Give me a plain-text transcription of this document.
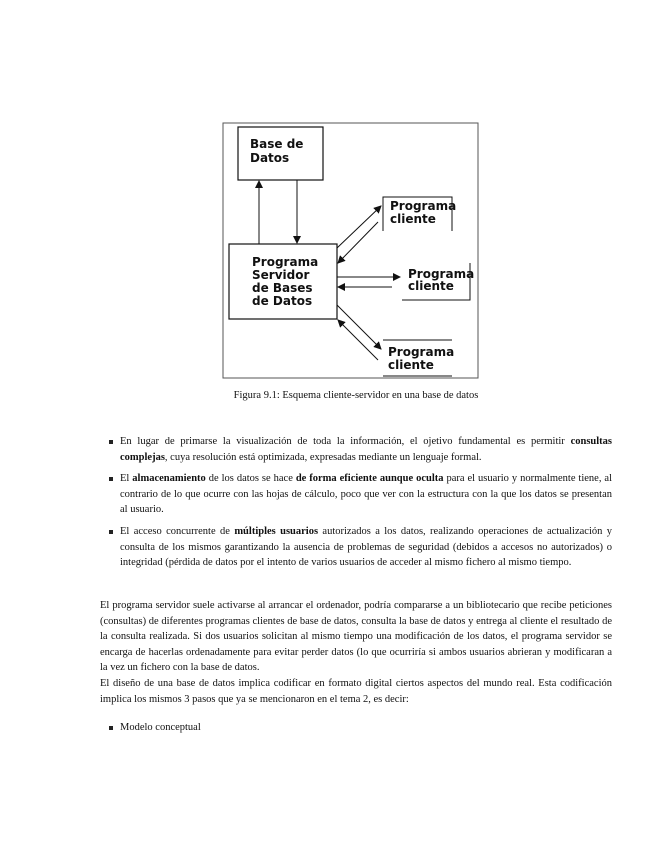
Base de
Datos
Programa
Servidor
de Bases
de Datos
Programa
cliente
Programa
cliente
Programa
cliente
Figura 9.1: Esquema cliente-servidor en una base de datos
En lugar de primarse la visualización de toda la información, el ojetivo fundamental es permitir consultas complejas, cuya resolución está optimizada, expresadas mediante un lenguaje formal.
El almacenamiento de los datos se hace de forma eficiente aunque oculta para el usuario y normalmente tiene, al contrario de lo que ocurre con las hojas de cálculo, poco que ver con la estructura con la que los datos se presentan al usuario.
El acceso concurrente de múltiples usuarios autorizados a los datos, realizando operaciones de actualización y consulta de los mismos garantizando la ausencia de problemas de seguridad (debidos a accesos no autorizados) o integridad (pérdida de datos por el intento de varios usuarios de acceder al mismo fichero al mismo tiempo.

El programa servidor suele activarse al arrancar el ordenador, podría compararse a un bibliotecario que recibe peticiones (consultas) de diferentes programas clientes de base de datos, consulta la base de datos y entrega al cliente el resultado de la consulta realizada. Si dos usuarios solicitan al mismo tiempo una modificación de los datos, el programa servidor se encarga de hacerlas ordenadamente para evitar perder datos (lo que ocurriría si ambos usuarios abrieran y modificaran a la vez un fichero con la base de datos.

El diseño de una base de datos implica codificar en formato digital ciertos aspectos del mundo real. Esta codificación implica los mismos 3 pasos que ya se mencionaron en el tema 2, es decir:

Modelo conceptual
